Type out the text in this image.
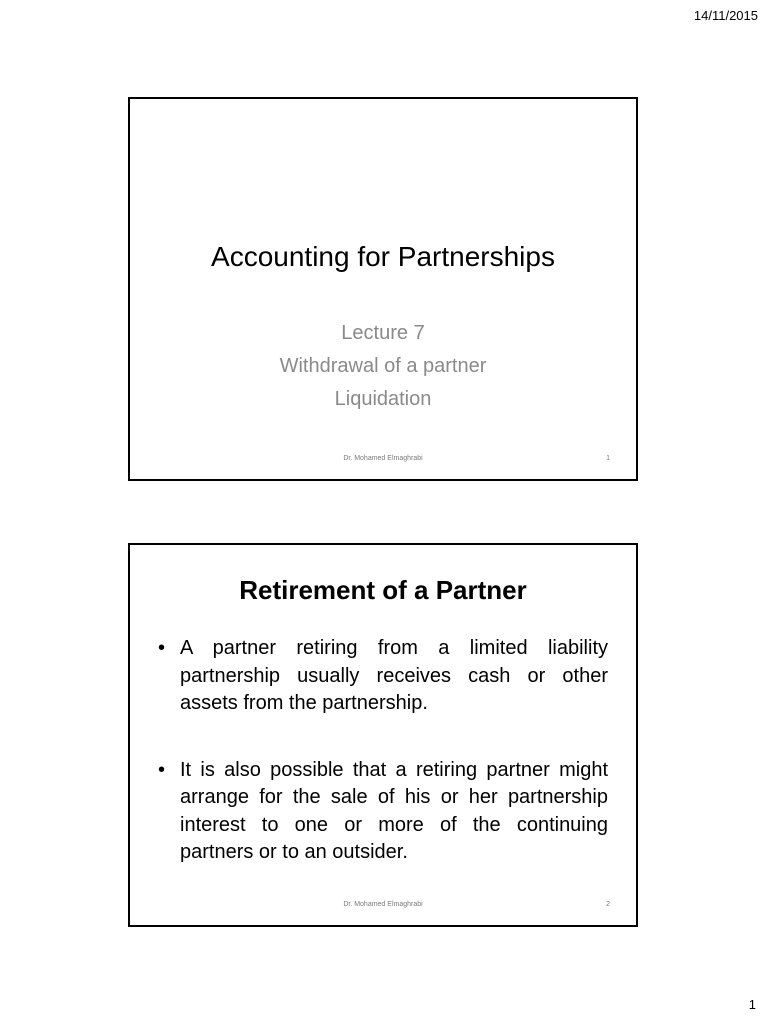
14/11/2015
Accounting for Partnerships
Lecture 7
Withdrawal of a partner
Liquidation
Dr. Mohamed Elmaghrabi	1
Retirement of a Partner
• A partner retiring from a limited liability partnership usually receives cash or other assets from the partnership.
• It is also possible that a retiring partner might arrange for the sale of his or her partnership interest to one or more of the continuing partners or to an outsider.
Dr. Mohamed Elmaghrabi	2
1
